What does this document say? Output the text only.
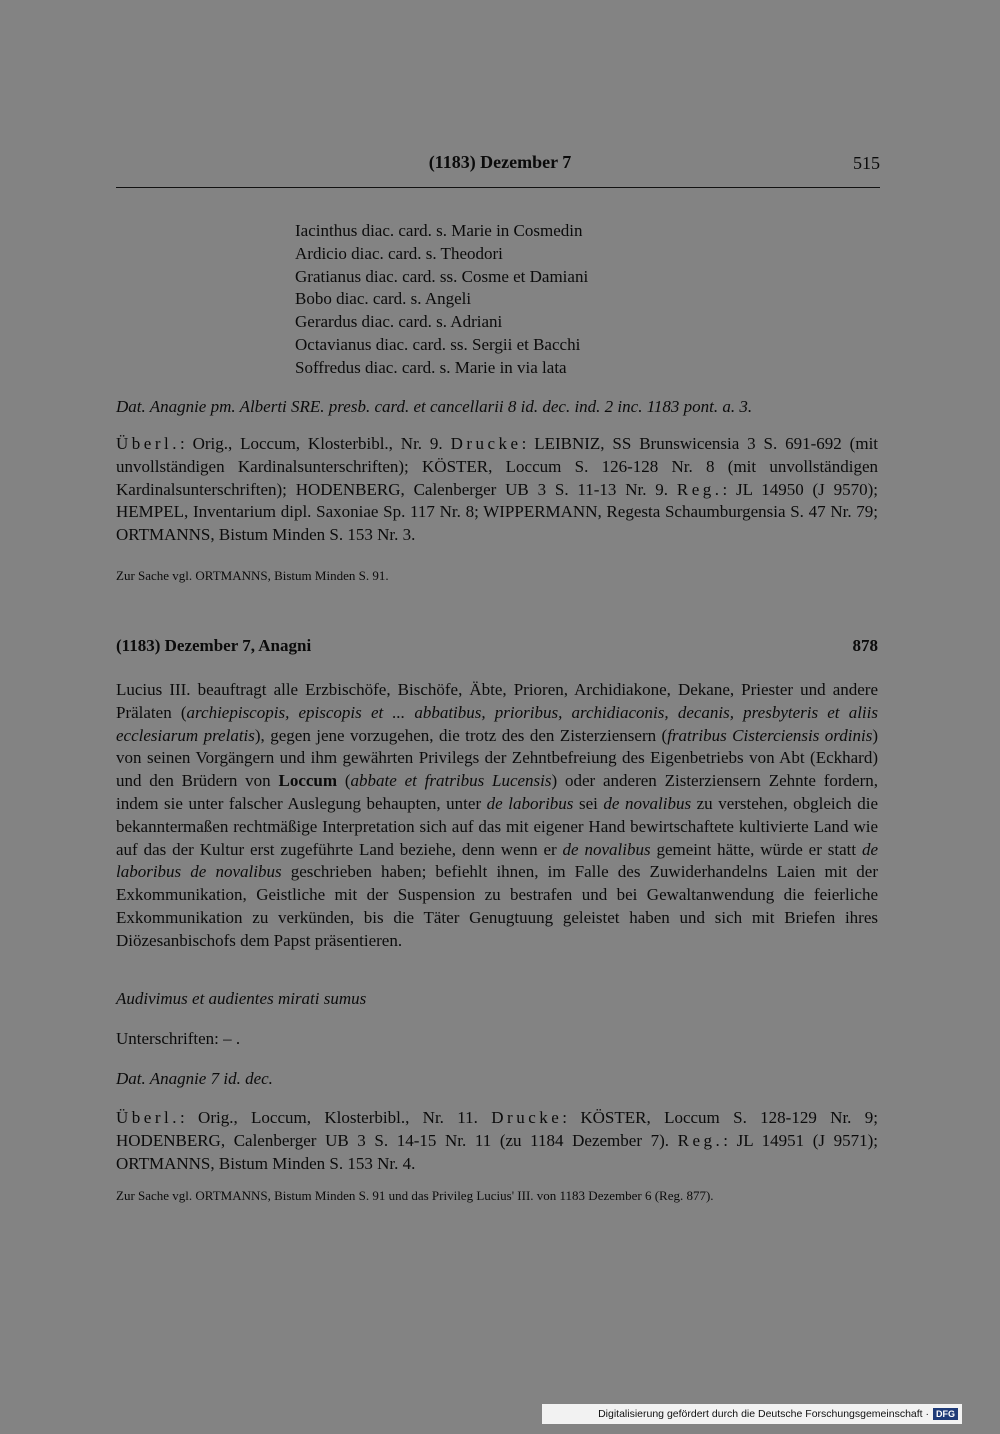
(1183) Dezember 7	515
Iacinthus diac. card. s. Marie in Cosmedin
Ardicio diac. card. s. Theodori
Gratianus diac. card. ss. Cosme et Damiani
Bobo diac. card. s. Angeli
Gerardus diac. card. s. Adriani
Octavianus diac. card. ss. Sergii et Bacchi
Soffredus diac. card. s. Marie in via lata
Dat. Anagnie pm. Alberti SRE. presb. card. et cancellarii 8 id. dec. ind. 2 inc. 1183 pont. a. 3.
Überl.: Orig., Loccum, Klosterbibl., Nr. 9. Drucke: LEIBNIZ, SS Brunswicensia 3 S. 691-692 (mit unvollständigen Kardinalsunterschriften); KÖSTER, Loccum S. 126-128 Nr. 8 (mit unvollständigen Kardinalsunterschriften); HODENBERG, Calenberger UB 3 S. 11-13 Nr. 9. Reg.: JL 14950 (J 9570); HEMPEL, Inventarium dipl. Saxoniae Sp. 117 Nr. 8; WIPPERMANN, Regesta Schaumburgensia S. 47 Nr. 79; ORTMANNS, Bistum Minden S. 153 Nr. 3.
Zur Sache vgl. ORTMANNS, Bistum Minden S. 91.
(1183) Dezember 7, Anagni	878
Lucius III. beauftragt alle Erzbischöfe, Bischöfe, Äbte, Prioren, Archidiakone, Dekane, Priester und andere Prälaten (archiepiscopis, episcopis et ... abbatibus, prioribus, archidiaconis, decanis, presbyteris et aliis ecclesiarum prelatis), gegen jene vorzugehen, die trotz des den Zisterziensern (fratribus Cisterciensis ordinis) von seinen Vorgängern und ihm gewährten Privilegs der Zehntbefreiung des Eigenbetriebs von Abt (Eckhard) und den Brüdern von Loccum (abbate et fratribus Lucensis) oder anderen Zisterziensern Zehnte fordern, indem sie unter falscher Auslegung behaupten, unter de laboribus sei de novalibus zu verstehen, obgleich die bekanntermaßen rechtmäßige Interpretation sich auf das mit eigener Hand bewirtschaftete kultivierte Land wie auf das der Kultur erst zugeführte Land beziehe, denn wenn er de novalibus gemeint hätte, würde er statt de laboribus de novalibus geschrieben haben; befiehlt ihnen, im Falle des Zuwiderhandelns Laien mit der Exkommunikation, Geistliche mit der Suspension zu bestrafen und bei Gewaltanwendung die feierliche Exkommunikation zu verkünden, bis die Täter Genugtuung geleistet haben und sich mit Briefen ihres Diözesanbischofs dem Papst präsentieren.
Audivimus et audientes mirati sumus
Unterschriften: – .
Dat. Anagnie 7 id. dec.
Überl.: Orig., Loccum, Klosterbibl., Nr. 11. Drucke: KÖSTER, Loccum S. 128-129 Nr. 9; HODENBERG, Calenberger UB 3 S. 14-15 Nr. 11 (zu 1184 Dezember 7). Reg.: JL 14951 (J 9571); ORTMANNS, Bistum Minden S. 153 Nr. 4.
Zur Sache vgl. ORTMANNS, Bistum Minden S. 91 und das Privileg Lucius' III. von 1183 Dezember 6 (Reg. 877).
Digitalisierung gefördert durch die Deutsche Forschungsgemeinschaft · DFG
